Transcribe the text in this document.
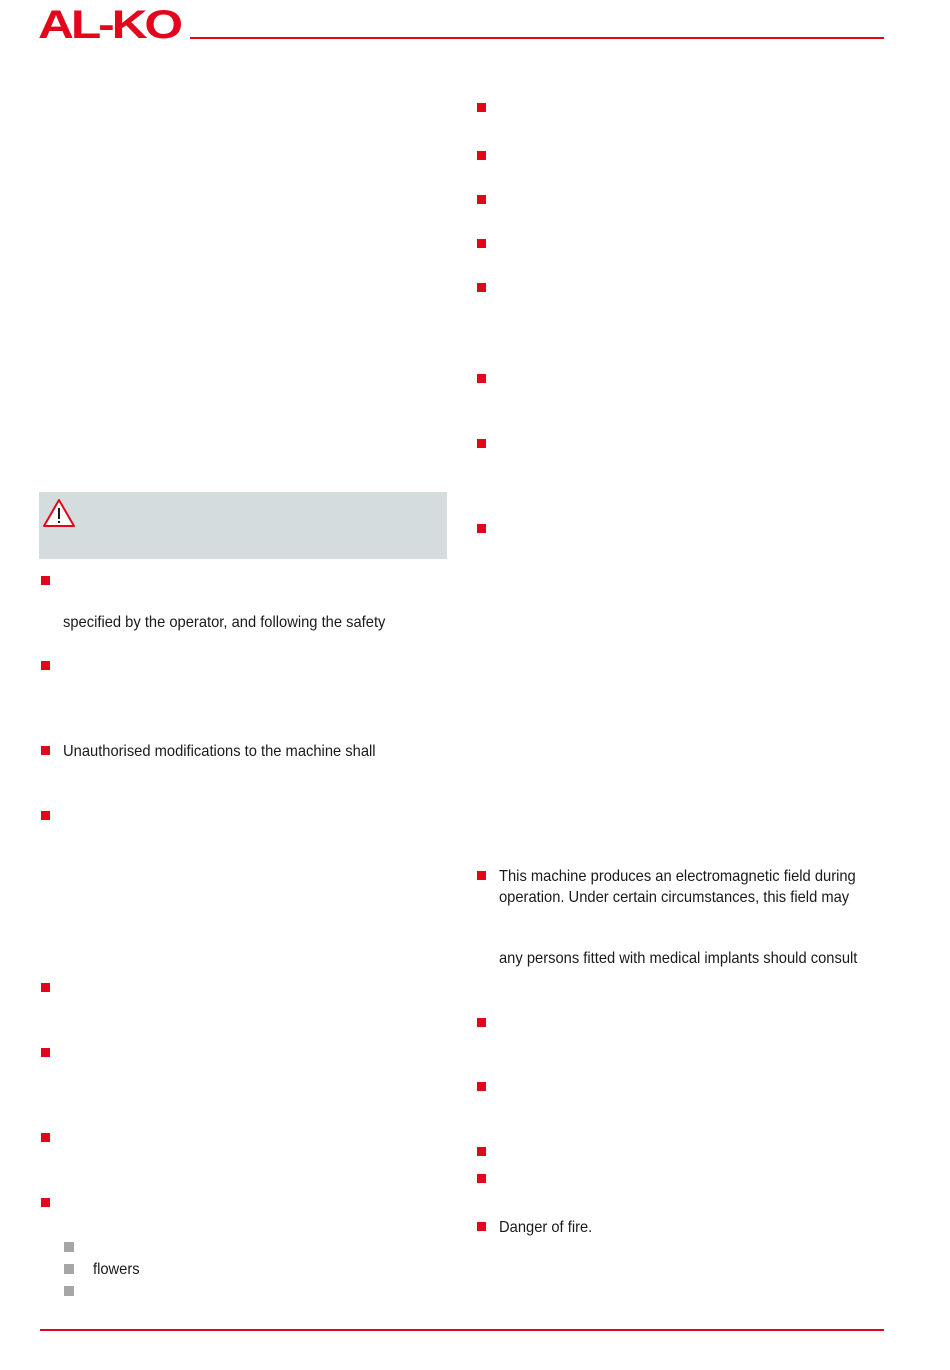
AL-KO
specified by the operator, and following the safety
Unauthorised modifications to the machine shall
flowers
This machine produces an electromagnetic field during
operation. Under certain circumstances, this field may
any persons fitted with medical implants should consult
Danger of fire.
